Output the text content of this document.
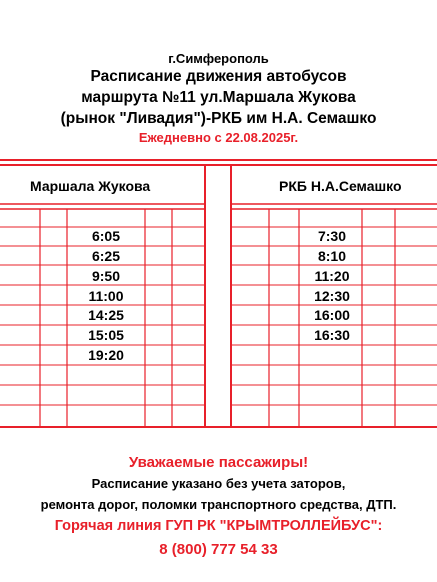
г.Симферополь
Расписание движения автобусов
маршрута №11 ул.Маршала Жукова
(рынок "Ливадия")-РКБ им Н.А. Семашко
Ежедневно с 22.08.2025г.
Маршала Жукова	РКБ Н.А.Семашко
6:05
6:25
9:50
11:00
14:25
15:05
19:20
7:30
8:10
11:20
12:30
16:00
16:30
Уважаемые пассажиры!
Расписание указано без учета заторов,
ремонта дорог, поломки транспортного средства, ДТП.
Горячая линия ГУП РК "КРЫМТРОЛЛЕЙБУС":
8 (800) 777 54 33
